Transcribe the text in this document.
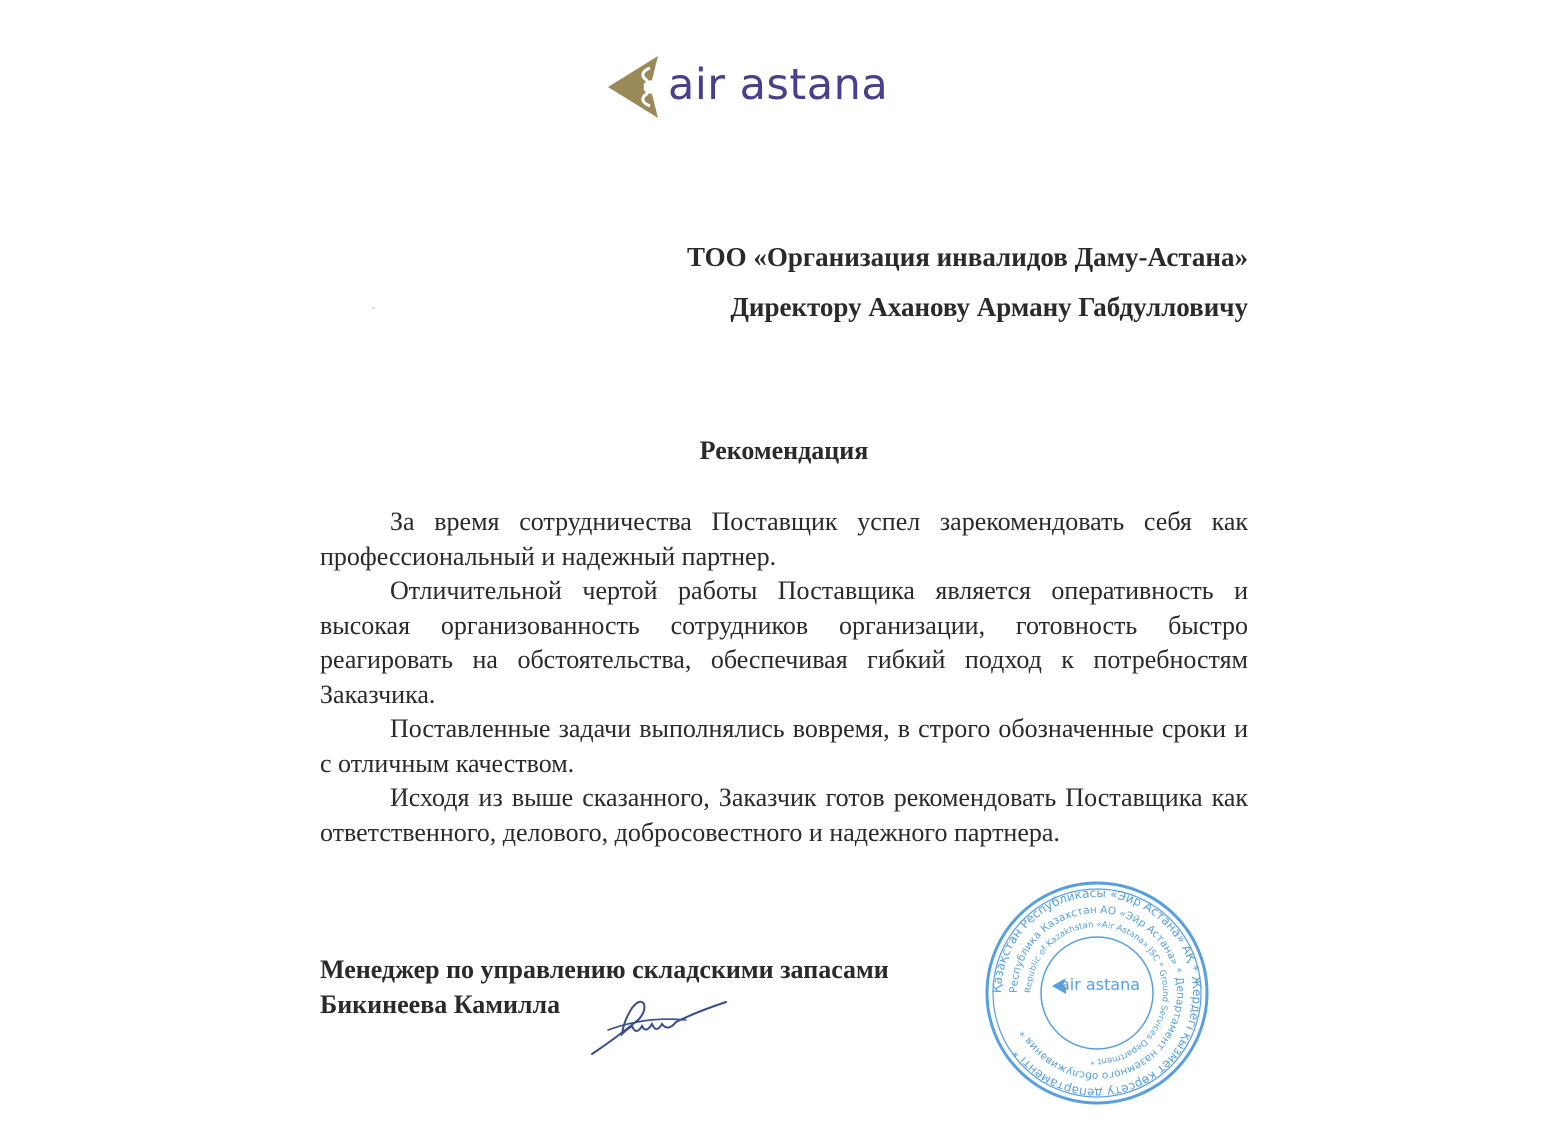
air astana
•
ТОО «Организация инвалидов Даму-Астана»
Директору Аханову Арману Габдулловичу
Рекомендация

За время сотрудничества Поставщик успел зарекомендовать себя как профессиональный и надежный партнер.

Отличительной чертой работы Поставщика является оперативность и высокая организованность сотрудников организации, готовность быстро реагировать на обстоятельства, обеспечивая гибкий подход к потребностям Заказчика.

Поставленные задачи выполнялись вовремя, в строго обозначенные сроки и с отличным качеством.

Исходя из выше сказанного, Заказчик готов рекомендовать Поставщика как ответственного, делового, добросовестного и надежного партнера.

Менеджер по управлению складскими запасами
Бикинеева Камилла
Қазақстан Республикасы «Эйр Астана» АҚ * Жердегі қызмет көрсету департаменті *
Республика Казахстан АО «Эйр Астана» * Департамент наземного обслуживания *
Republic of Kazakhstan «Air Astana» JSC * Ground Services Department *
air astana
